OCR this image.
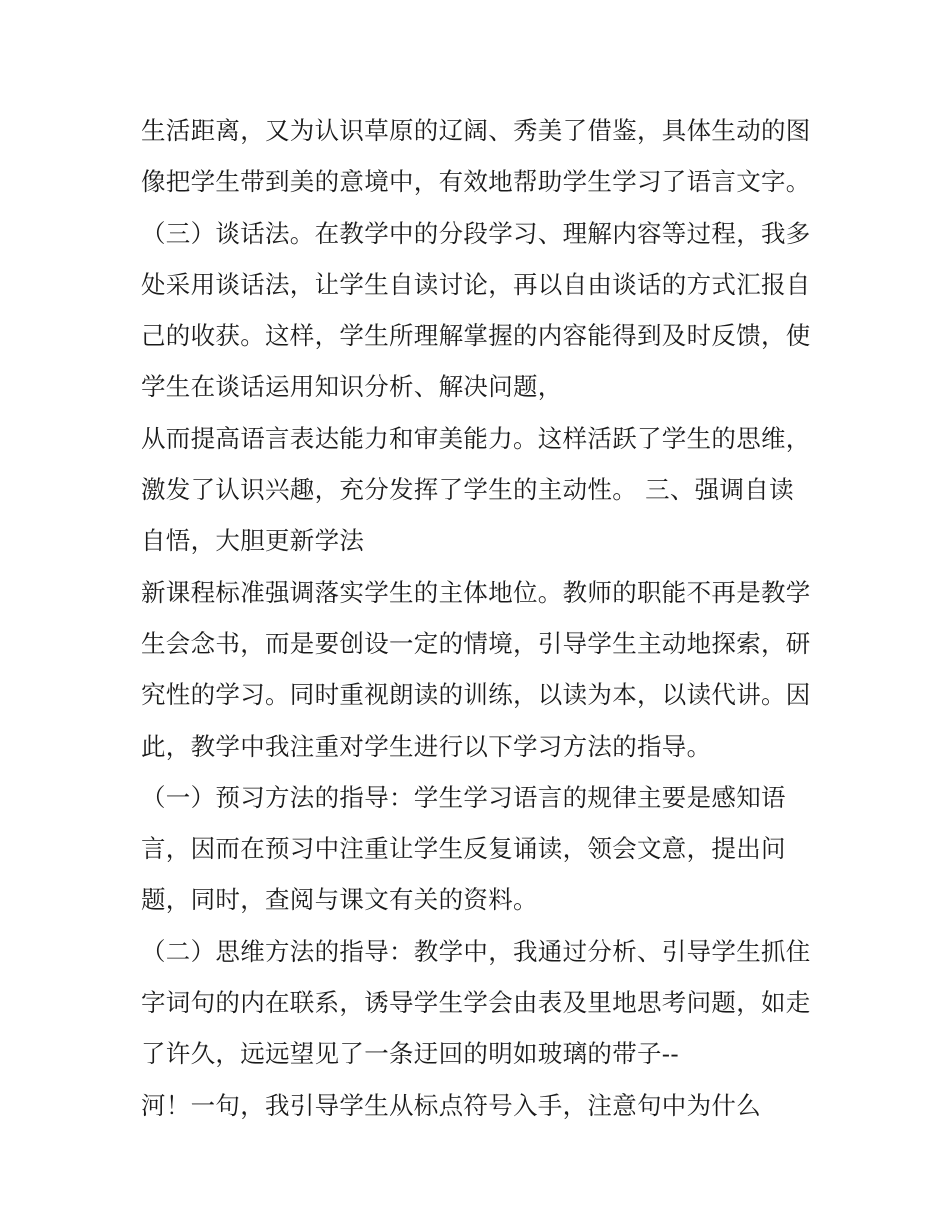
生活距离，又为认识草原的辽阔、秀美了借鉴，具体生动的图
像把学生带到美的意境中，有效地帮助学生学习了语言文字。
（三）谈话法。在教学中的分段学习、理解内容等过程，我多
处采用谈话法，让学生自读讨论，再以自由谈话的方式汇报自
己的收获。这样，学生所理解掌握的内容能得到及时反馈，使
学生在谈话运用知识分析、解决问题，
从而提高语言表达能力和审美能力。这样活跃了学生的思维，
激发了认识兴趣，充分发挥了学生的主动性。 三、强调自读
自悟，大胆更新学法
新课程标准强调落实学生的主体地位。教师的职能不再是教学
生会念书，而是要创设一定的情境，引导学生主动地探索，研
究性的学习。同时重视朗读的训练，以读为本，以读代讲。因
此，教学中我注重对学生进行以下学习方法的指导。
（一）预习方法的指导：学生学习语言的规律主要是感知语
言，因而在预习中注重让学生反复诵读，领会文意，提出问
题，同时，查阅与课文有关的资料。
（二）思维方法的指导：教学中，我通过分析、引导学生抓住
字词句的内在联系，诱导学生学会由表及里地思考问题，如走
了许久，远远望见了一条迂回的明如玻璃的带子--
河！一句，我引导学生从标点符号入手，注意句中为什么
